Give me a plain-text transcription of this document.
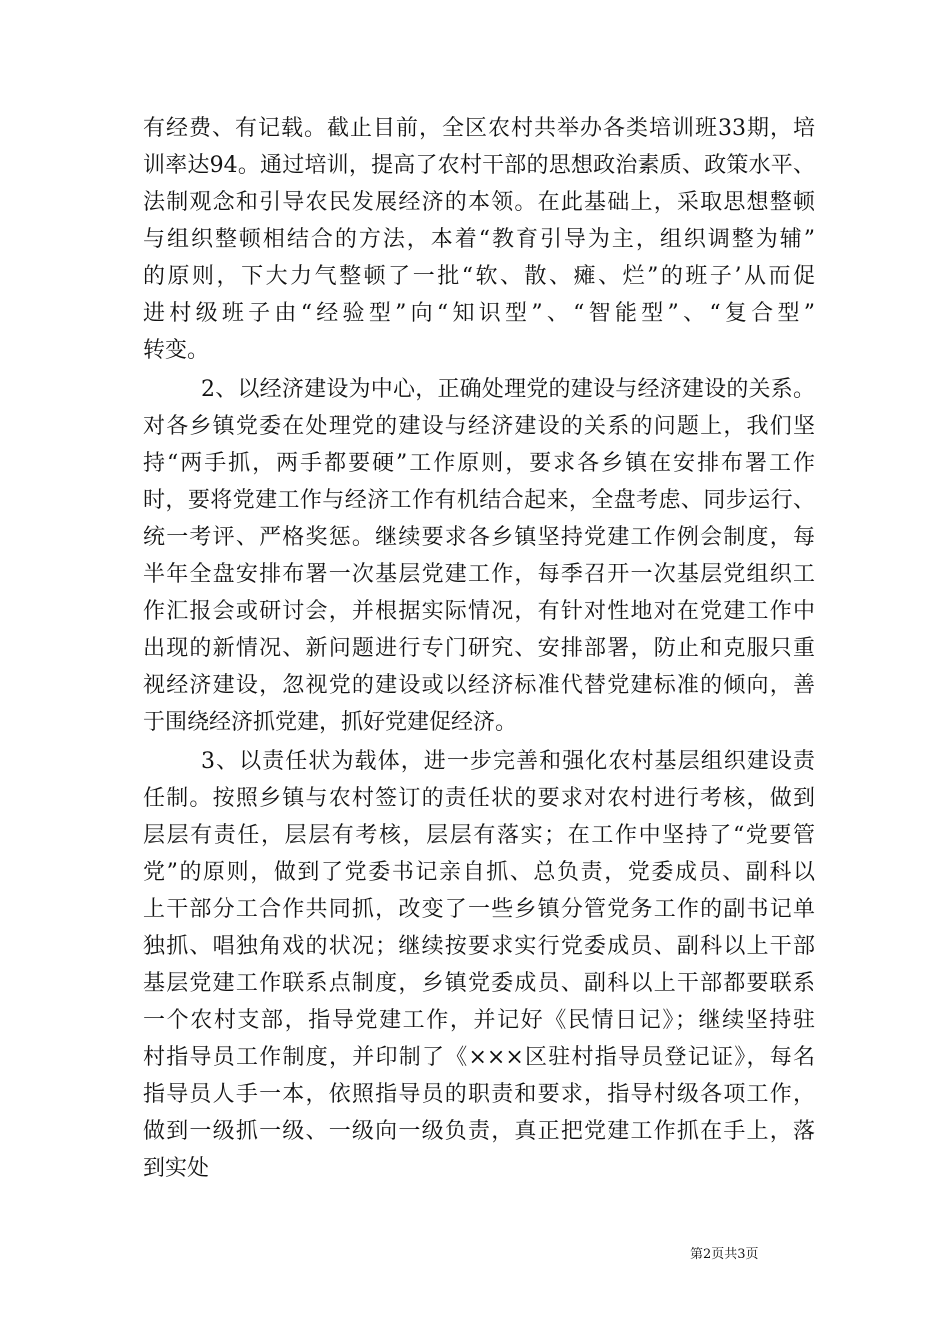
有经费、有记载。截止目前，全区农村共举办各类培训班33期，培
训率达94。通过培训，提高了农村干部的思想政治素质、政策水平、
法制观念和引导农民发展经济的本领。在此基础上，采取思想整顿
与组织整顿相结合的方法，本着“教育引导为主，组织调整为辅”
的原则，下大力气整顿了一批“软、散、瘫、烂”的班子’从而促
进村级班子由“经验型”向“知识型”、“智能型”、“复合型”
转变。
2、以经济建设为中心，正确处理党的建设与经济建设的关系。
对各乡镇党委在处理党的建设与经济建设的关系的问题上，我们坚
持“两手抓，两手都要硬”工作原则，要求各乡镇在安排布署工作
时，要将党建工作与经济工作有机结合起来，全盘考虑、同步运行、
统一考评、严格奖惩。继续要求各乡镇坚持党建工作例会制度，每
半年全盘安排布署一次基层党建工作，每季召开一次基层党组织工
作汇报会或研讨会，并根据实际情况，有针对性地对在党建工作中
出现的新情况、新问题进行专门研究、安排部署，防止和克服只重
视经济建设，忽视党的建设或以经济标准代替党建标准的倾向，善
于围绕经济抓党建，抓好党建促经济。
3、以责任状为载体，进一步完善和强化农村基层组织建设责
任制。按照乡镇与农村签订的责任状的要求对农村进行考核，做到
层层有责任，层层有考核，层层有落实；在工作中坚持了“党要管
党”的原则，做到了党委书记亲自抓、总负责，党委成员、副科以
上干部分工合作共同抓，改变了一些乡镇分管党务工作的副书记单
独抓、唱独角戏的状况；继续按要求实行党委成员、副科以上干部
基层党建工作联系点制度，乡镇党委成员、副科以上干部都要联系
一个农村支部，指导党建工作，并记好《民情日记》；继续坚持驻
村指导员工作制度，并印制了《×××区驻村指导员登记证》，每名
指导员人手一本，依照指导员的职责和要求，指导村级各项工作，
做到一级抓一级、一级向一级负责，真正把党建工作抓在手上，落
到实处
第2页共3页
